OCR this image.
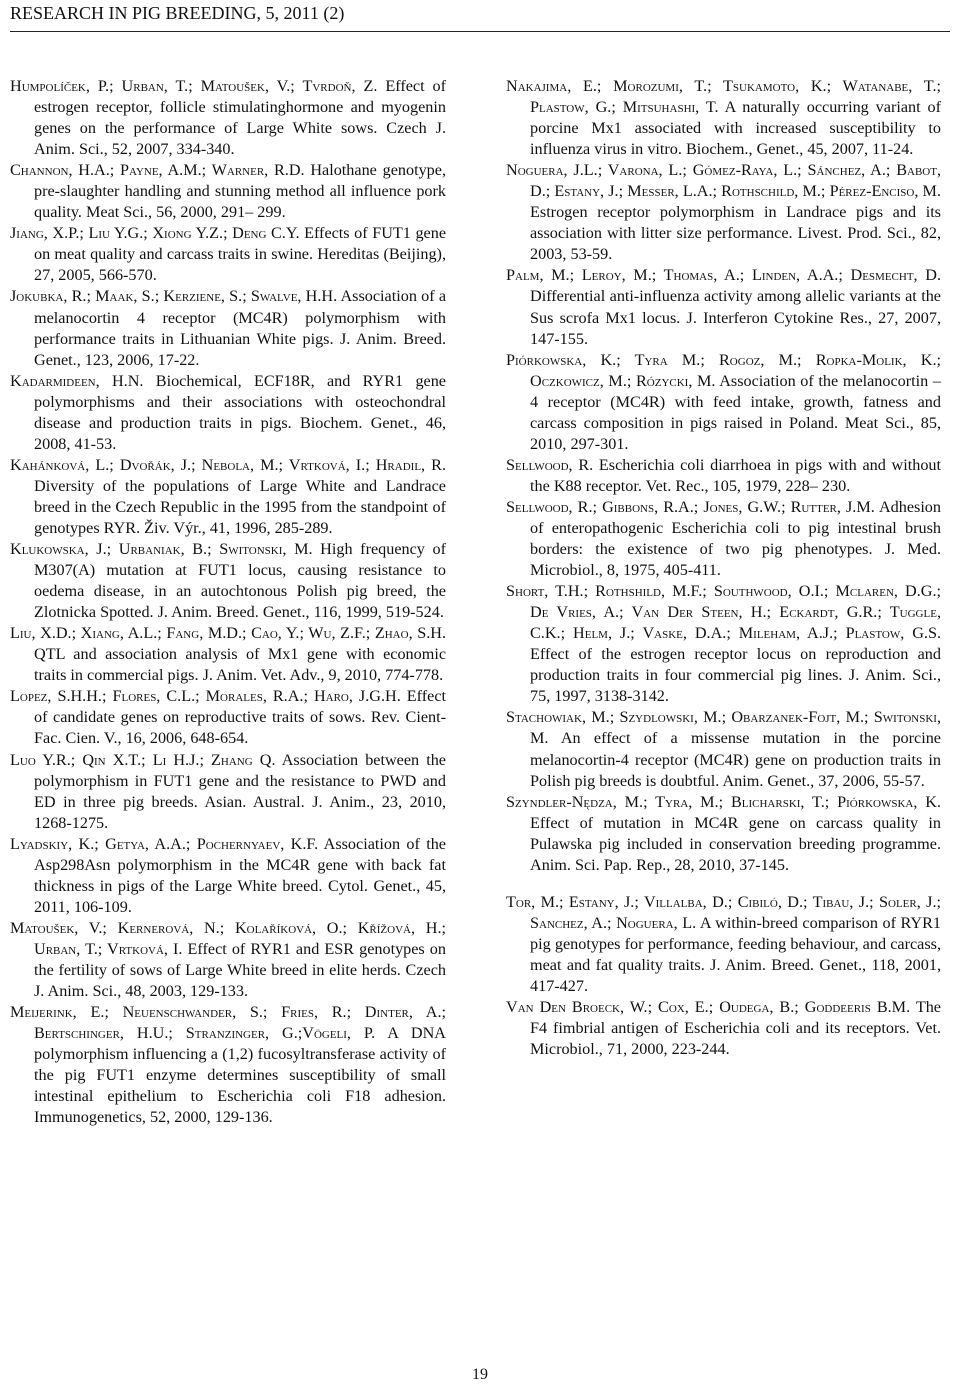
RESEARCH IN PIG BREEDING, 5, 2011 (2)

Humpolíček, P.; Urban, T.; Matoušek, V.; Tvrdoň, Z. Effect of estrogen receptor, follicle stimulatinghormone and myogenin genes on the performance of Large White sows. Czech J. Anim. Sci., 52, 2007, 334-340.

Channon, H.A.; Payne, A.M.; Warner, R.D. Halothane genotype, pre-slaughter handling and stunning method all influence pork quality. Meat Sci., 56, 2000, 291– 299.

Jiang, X.P.; Liu Y.G.; Xiong Y.Z.; Deng C.Y. Effects of FUT1 gene on meat quality and carcass traits in swine. Hereditas (Beijing), 27, 2005, 566-570.

Jokubka, R.; Maak, S.; Kerziene, S.; Swalve, H.H. Association of a melanocortin 4 receptor (MC4R) polymorphism with performance traits in Lithuanian White pigs. J. Anim. Breed. Genet., 123, 2006, 17-22.

Kadarmideen, H.N. Biochemical, ECF18R, and RYR1 gene polymorphisms and their associations with osteochondral disease and production traits in pigs. Biochem. Genet., 46, 2008, 41-53.

Kahánková, L.; Dvořák, J.; Nebola, M.; Vrtková, I.; Hradil, R. Diversity of the populations of Large White and Landrace breed in the Czech Republic in the 1995 from the standpoint of genotypes RYR. Živ. Výr., 41, 1996, 285-289.

Klukowska, J.; Urbaniak, B.; Switonski, M. High frequency of M307(A) mutation at FUT1 locus, causing resistance to oedema disease, in an autochtonous Polish pig breed, the Zlotnicka Spotted. J. Anim. Breed. Genet., 116, 1999, 519-524.

Liu, X.D.; Xiang, A.L.; Fang, M.D.; Cao, Y.; Wu, Z.F.; Zhao, S.H. QTL and association analysis of Mx1 gene with economic traits in commercial pigs. J. Anim. Vet. Adv., 9, 2010, 774-778.

Lopez, S.H.H.; Flores, C.L.; Morales, R.A.; Haro, J.G.H. Effect of candidate genes on reproductive traits of sows. Rev. Cient-Fac. Cien. V., 16, 2006, 648-654.

Luo Y.R.; Qin X.T.; Li H.J.; Zhang Q. Association between the polymorphism in FUT1 gene and the resistance to PWD and ED in three pig breeds. Asian. Austral. J. Anim., 23, 2010, 1268-1275.

Lyadskiy, K.; Getya, A.A.; Pochernyaev, K.F. Association of the Asp298Asn polymorphism in the MC4R gene with back fat thickness in pigs of the Large White breed. Cytol. Genet., 45, 2011, 106-109.

Matoušek, V.; Kernerová, N.; Kolaříková, O.; Křížová, H.; Urban, T.; Vrtková, I. Effect of RYR1 and ESR genotypes on the fertility of sows of Large White breed in elite herds. Czech J. Anim. Sci., 48, 2003, 129-133.

Meijerink, E.; Neuenschwander, S.; Fries, R.; Dinter, A.; Bertschinger, H.U.; Stranzinger, G.;Vögeli, P. A DNA polymorphism influencing a (1,2) fucosyltransferase activity of the pig FUT1 enzyme determines susceptibility of small intestinal epithelium to Escherichia coli F18 adhesion. Immunogenetics, 52, 2000, 129-136.

Nakajima, E.; Morozumi, T.; Tsukamoto, K.; Watanabe, T.; Plastow, G.; Mitsuhashi, T. A naturally occurring variant of porcine Mx1 associated with increased susceptibility to influenza virus in vitro. Biochem., Genet., 45, 2007, 11-24.

Noguera, J.L.; Varona, L.; Gómez-Raya, L.; Sánchez, A.; Babot, D.; Estany, J.; Messer, L.A.; Rothschild, M.; Pérez-Enciso, M. Estrogen receptor polymorphism in Landrace pigs and its association with litter size performance. Livest. Prod. Sci., 82, 2003, 53-59.

Palm, M.; Leroy, M.; Thomas, A.; Linden, A.A.; Desmecht, D. Differential anti-influenza activity among allelic variants at the Sus scrofa Mx1 locus. J. Interferon Cytokine Res., 27, 2007, 147-155.

Piórkowska, K.; Tyra M.; Rogoz, M.; Ropka-Molik, K.; Oczkowicz, M.; Rózycki, M. Association of the melanocortin – 4 receptor (MC4R) with feed intake, growth, fatness and carcass composition in pigs raised in Poland. Meat Sci., 85, 2010, 297-301.

Sellwood, R. Escherichia coli diarrhoea in pigs with and without the K88 receptor. Vet. Rec., 105, 1979, 228– 230.

Sellwood, R.; Gibbons, R.A.; Jones, G.W.; Rutter, J.M. Adhesion of enteropathogenic Escherichia coli to pig intestinal brush borders: the existence of two pig phenotypes. J. Med. Microbiol., 8, 1975, 405-411.

Short, T.H.; Rothshild, M.F.; Southwood, O.I.; Mclaren, D.G.; De Vries, A.; Van Der Steen, H.; Eckardt, G.R.; Tuggle, C.K.; Helm, J.; Vaske, D.A.; Mileham, A.J.; Plastow, G.S. Effect of the estrogen receptor locus on reproduction and production traits in four commercial pig lines. J. Anim. Sci., 75, 1997, 3138-3142.

Stachowiak, M.; Szydlowski, M.; Obarzanek-Fojt, M.; Switonski, M. An effect of a missense mutation in the porcine melanocortin-4 receptor (MC4R) gene on production traits in Polish pig breeds is doubtful. Anim. Genet., 37, 2006, 55-57.

Szyndler-Nędza, M.; Tyra, M.; Blicharski, T.; Piórkowska, K. Effect of mutation in MC4R gene on carcass quality in Pulawska pig included in conservation breeding programme. Anim. Sci. Pap. Rep., 28, 2010, 37-145.

Tor, M.; Estany, J.; Villalba, D.; Cibiló, D.; Tibau, J.; Soler, J.; Sanchez, A.; Noguera, L. A within-breed comparison of RYR1 pig genotypes for performance, feeding behaviour, and carcass, meat and fat quality traits. J. Anim. Breed. Genet., 118, 2001, 417-427.

Van Den Broeck, W.; Cox, E.; Oudega, B.; Goddeeris B.M. The F4 fimbrial antigen of Escherichia coli and its receptors. Vet. Microbiol., 71, 2000, 223-244.

19
